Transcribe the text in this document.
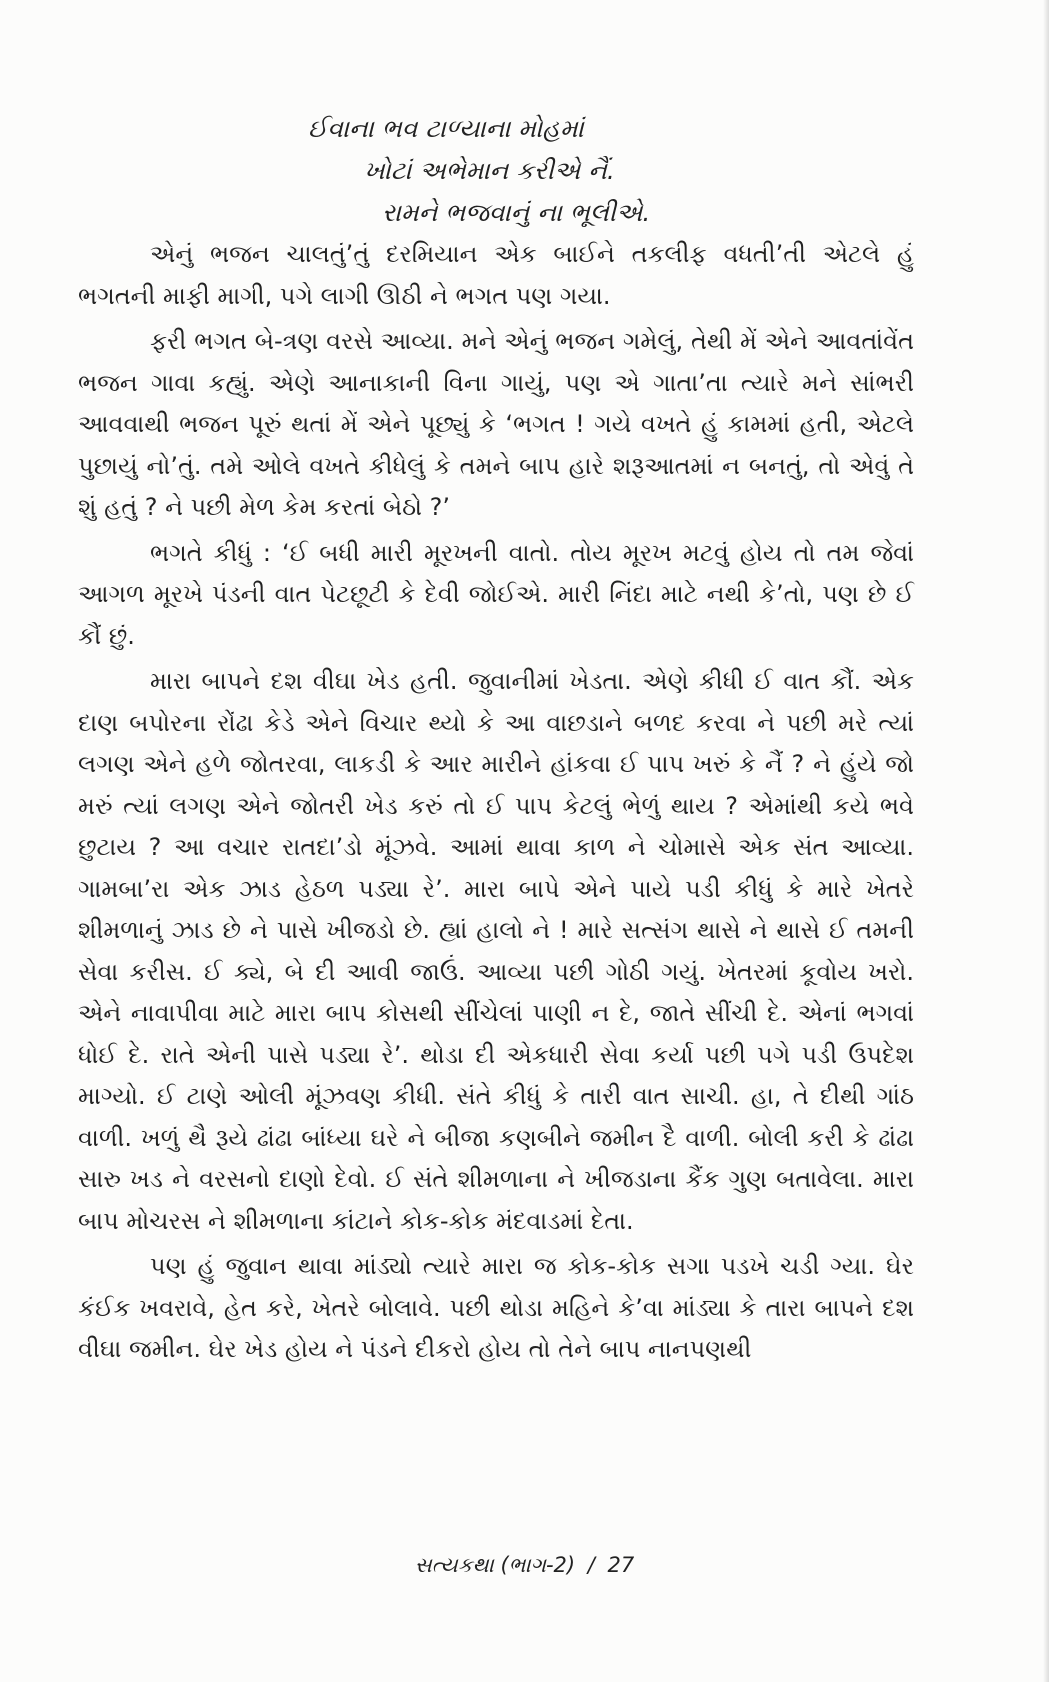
ઈવાના ભવ ટાળ્યાના મોહમાં
ખોટાં અભેમાન કરીએ નૈં.
રામને ભજવાનું ના ભૂલીએ.

એનું ભજન ચાલતું’તું દરમિયાન એક બાઈને તકલીફ વધતી’તી એટલે હું ભગતની માફી માગી, પગે લાગી ઊઠી ને ભગત પણ ગયા.

ફરી ભગત બે-ત્રણ વરસે આવ્યા. મને એનું ભજન ગમેલું, તેથી મેં એને આવતાંવેંત ભજન ગાવા કહ્યું. એણે આનાકાની વિના ગાયું, પણ એ ગાતા’તા ત્યારે મને સાંભરી આવવાથી ભજન પૂરું થતાં મેં એને પૂછ્યું કે ‘ભગત ! ગયે વખતે હું કામમાં હતી, એટલે પુછાયું નો’તું. તમે ઓલે વખતે કીધેલું કે તમને બાપ હારે શરૂઆતમાં ન બનતું, તો એવું તે શું હતું ? ને પછી મેળ કેમ કરતાં બેઠો ?’

ભગતે કીધું : ‘ઈ બધી મારી મૂરખની વાતો. તોય મૂરખ મટવું હોય તો તમ જેવાં આગળ મૂરખે પંડની વાત પેટછૂટી કે દેવી જોઈએ. મારી નિંદા માટે નથી કે’તો, પણ છે ઈ કૌં છું.

મારા બાપને દશ વીઘા ખેડ હતી. જુવાનીમાં ખેડતા. એણે કીધી ઈ વાત કૌં. એક દાણ બપોરના રોંઢા કેડે એને વિચાર થ્યો કે આ વાછડાને બળદ કરવા ને પછી મરે ત્યાં લગણ એને હળે જોતરવા, લાકડી કે આર મારીને હાંકવા ઈ પાપ ખરું કે નૈં ? ને હુંયે જો મરું ત્યાં લગણ એને જોતરી ખેડ કરું તો ઈ પાપ કેટલું ભેળું થાય ? એમાંથી કયે ભવે છુટાય ? આ વચાર રાતદા’ડો મૂંઝવે. આમાં થાવા કાળ ને ચોમાસે એક સંત આવ્યા. ગામબા’રા એક ઝાડ હેઠળ પડ્યા રે’. મારા બાપે એને પાયે પડી કીધું કે મારે ખેતરે શીમળાનું ઝાડ છે ને પાસે ખીજડો છે. હ્યાં હાલો ને ! મારે સત્સંગ થાસે ને થાસે ઈ તમની સેવા કરીસ. ઈ ક્યે, બે દી આવી જાઉં. આવ્યા પછી ગોઠી ગયું. ખેતરમાં કૂવોય ખરો. એને નાવાપીવા માટે મારા બાપ કોસથી સીંચેલાં પાણી ન દે, જાતે સીંચી દે. એનાં ભગવાં ધોઈ દે. રાતે એની પાસે પડ્યા રે’. થોડા દી એકધારી સેવા કર્યા પછી પગે પડી ઉપદેશ માગ્યો. ઈ ટાણે ઓલી મૂંઝવણ કીધી. સંતે કીધું કે તારી વાત સાચી. હા, તે દીથી ગાંઠ વાળી. ખળું થૈ રૂયે ઢાંઢા બાંધ્યા ઘરે ને બીજા કણબીને જમીન દૈ વાળી. બોલી કરી કે ઢાંઢા સારુ ખડ ને વરસનો દાણો દેવો. ઈ સંતે શીમળાના ને ખીજડાના કૈંક ગુણ બતાવેલા. મારા બાપ મોચરસ ને શીમળાના કાંટાને કોક-કોક મંદવાડમાં દેતા.

પણ હું જુવાન થાવા માંડ્યો ત્યારે મારા જ કોક-કોક સગા પડખે ચડી ગ્યા. ઘેર કંઈક ખવરાવે, હેત કરે, ખેતરે બોલાવે. પછી થોડા મહિને કે’વા માંડ્યા કે તારા બાપને દશ વીઘા જમીન. ઘેર ખેડ હોય ને પંડને દીકરો હોય તો તેને બાપ નાનપણથી

સત્યકથા (ભાગ-2) / 27
